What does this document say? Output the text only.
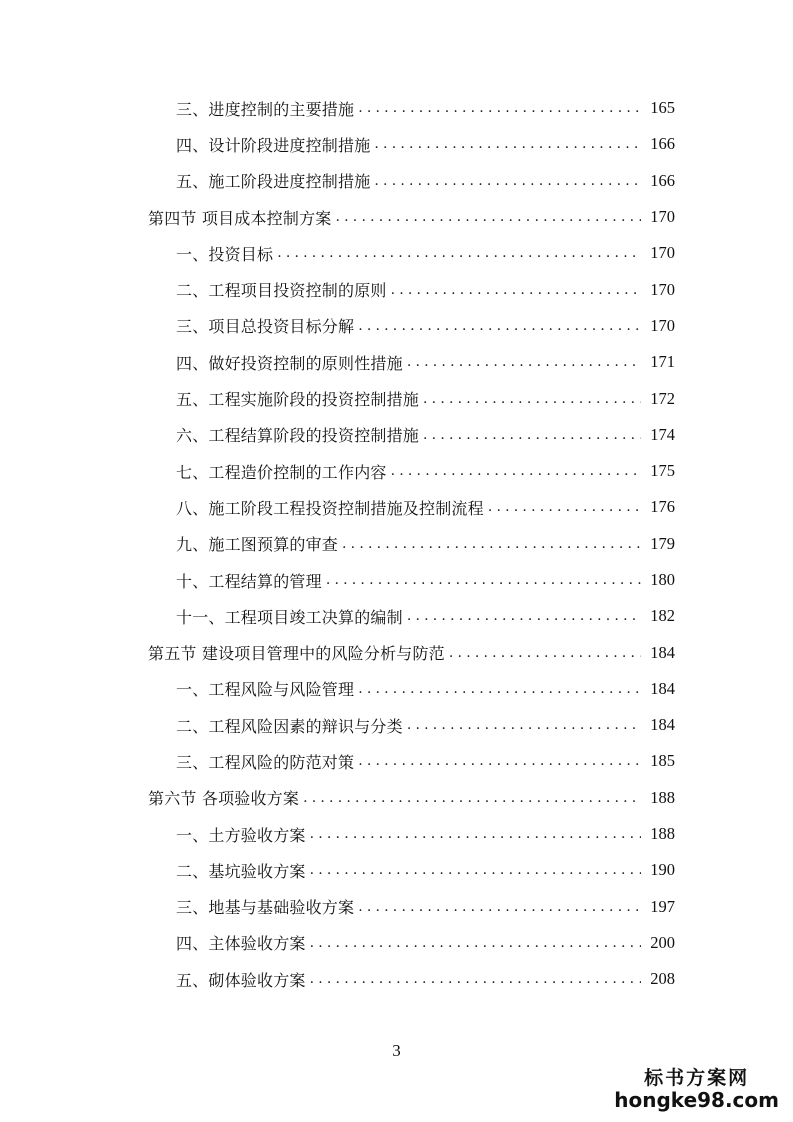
三、进度控制的主要措施 .....	165
四、设计阶段进度控制措施 .....	166
五、施工阶段进度控制措施 .....	166
第四节 项目成本控制方案 .....	170
一、投资目标 .....	170
二、工程项目投资控制的原则 .....	170
三、项目总投资目标分解 .....	170
四、做好投资控制的原则性措施 .....	171
五、工程实施阶段的投资控制措施 .....	172
六、工程结算阶段的投资控制措施 .....	174
七、工程造价控制的工作内容 .....	175
八、施工阶段工程投资控制措施及控制流程 .....	176
九、施工图预算的审查 .....	179
十、工程结算的管理 .....	180
十一、工程项目竣工决算的编制 .....	182
第五节 建设项目管理中的风险分析与防范 .....	184
一、工程风险与风险管理 .....	184
二、工程风险因素的辩识与分类 .....	184
三、工程风险的防范对策 .....	185
第六节 各项验收方案 .....	188
一、土方验收方案 .....	188
二、基坑验收方案 .....	190
三、地基与基础验收方案 .....	197
四、主体验收方案 .....	200
五、砌体验收方案 .....	208
3
标书方案网
hongke98.com
